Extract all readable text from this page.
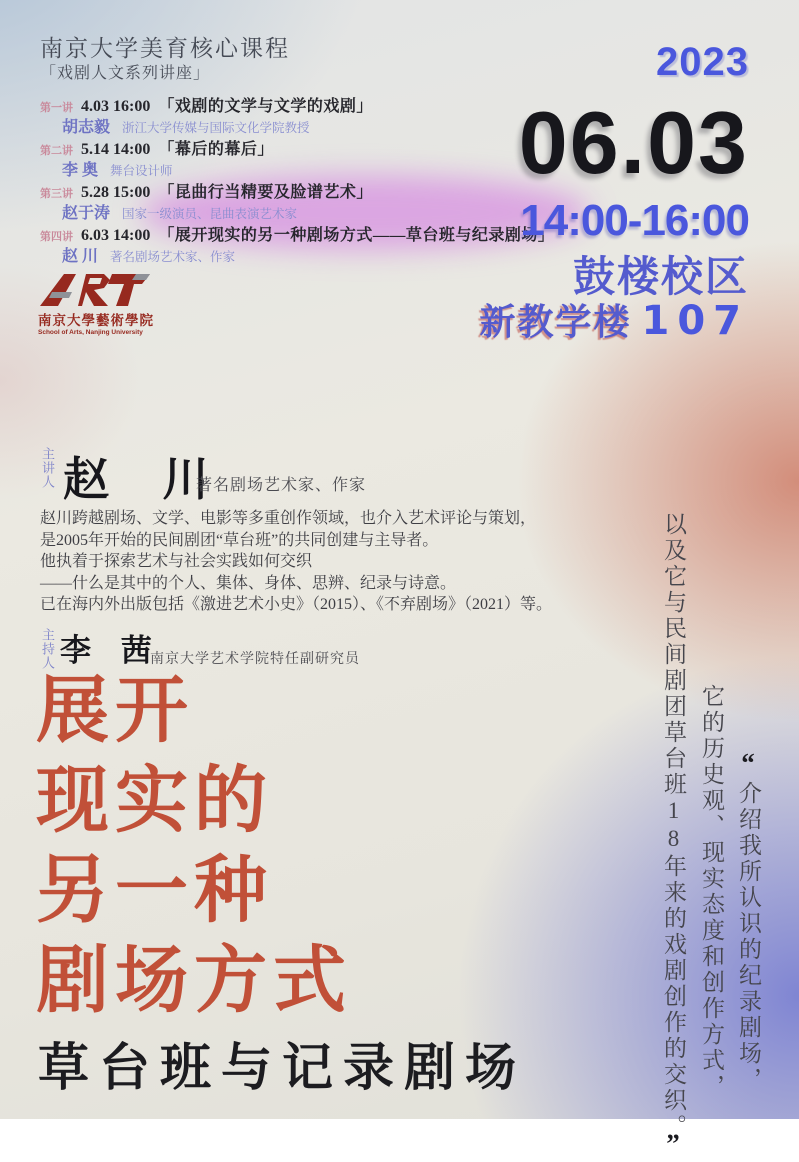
南京大学美育核心课程
「戏剧人文系列讲座」
第一讲 4.03 16:00 「戏剧的文学与文学的戏剧」
胡志毅 浙江大学传媒与国际文化学院教授
第二讲 5.14 14:00 「幕后的幕后」
李 奥 舞台设计师
第三讲 5.28 15:00 「昆曲行当精要及脸谱艺术」
赵于涛 国家一级演员、昆曲表演艺术家
第四讲 6.03 14:00 「展开现实的另一种剧场方式——草台班与纪录剧场」
赵 川 著名剧场艺术家、作家
2023
06.03
14:00-16:00
鼓楼校区
新教学楼 107
南京大學藝術學院
School of Arts, Nanjing University
主讲人 赵 川
著名剧场艺术家、作家
赵川跨越剧场、文学、电影等多重创作领域，也介入艺术评论与策划，
是2005年开始的民间剧团“草台班”的共同创建与主导者。
他执着于探索艺术与社会实践如何交织
——什么是其中的个人、集体、身体、思辨、纪录与诗意。
已在海内外出版包括《激进艺术小史》（2015）、《不弃剧场》（2021）等。
主持人 李 茜
南京大学艺术学院特任副研究员
展开
现实的
另一种
剧场方式
草台班与记录剧场
“介绍我所认识的纪录剧场，
它的历史观、现实态度和创作方式，
以及它与民间剧团草台班18年来的戏剧创作的交织。”
